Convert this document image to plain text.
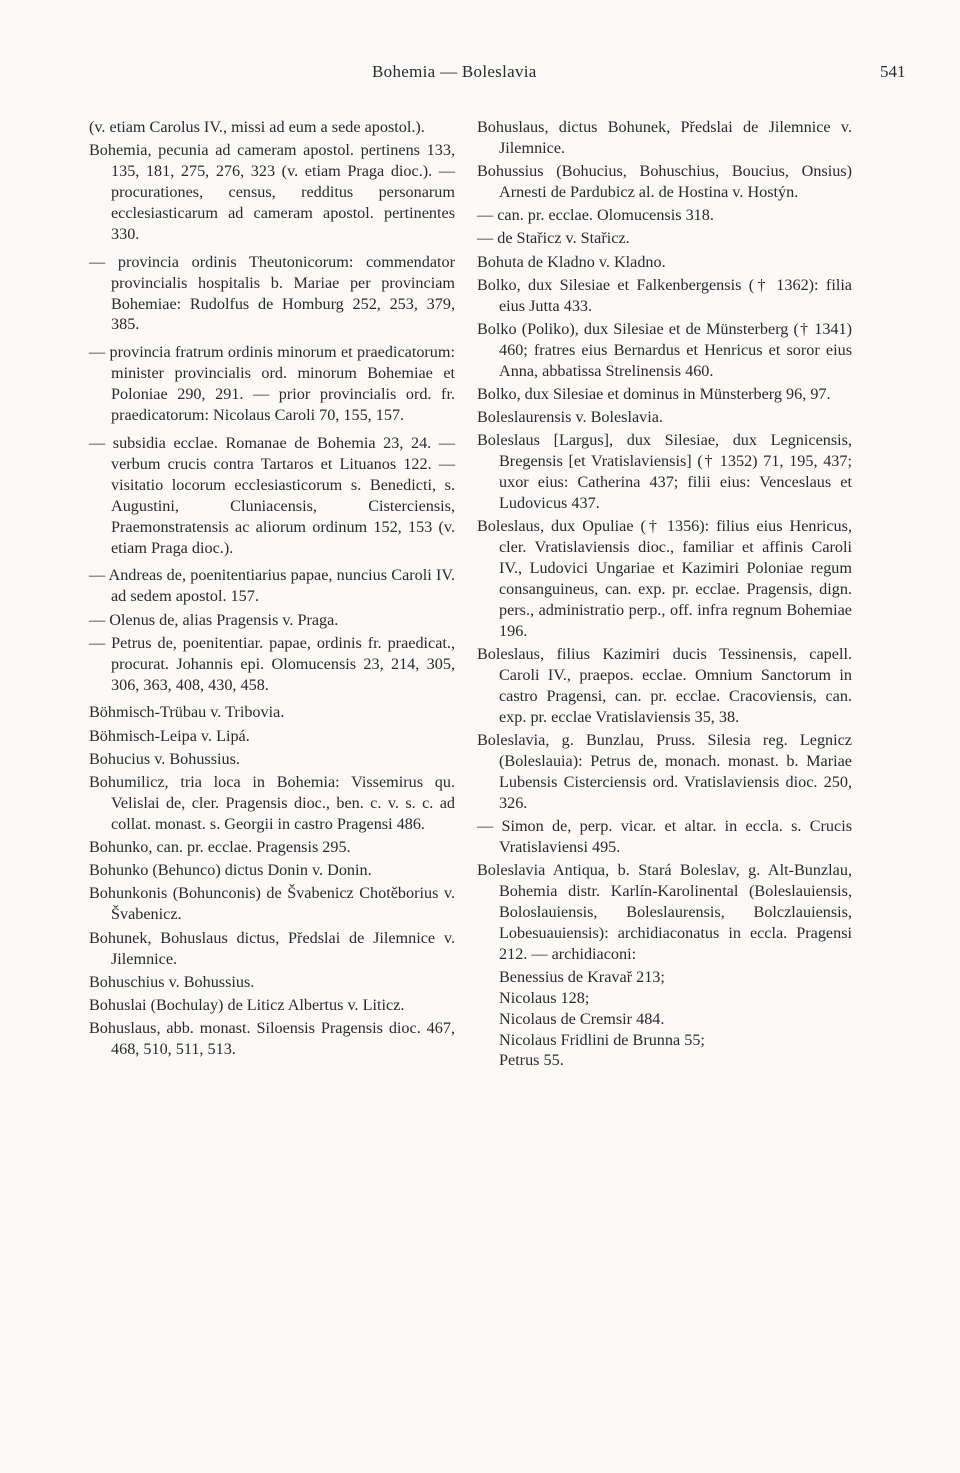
Bohemia — Boleslavia	541

(v. etiam Carolus IV., missi ad eum a sede apostol.).

Bohemia, pecunia ad cameram apostol. pertinens 133, 135, 181, 275, 276, 323 (v. etiam Praga dioc.). — procurationes, census, redditus personarum ecclesiasticarum ad cameram apostol. pertinentes 330.

— provincia ordinis Theutonicorum: commendator provincialis hospitalis b. Mariae per provinciam Bohemiae: Rudolfus de Homburg 252, 253, 379, 385.

— provincia fratrum ordinis minorum et praedicatorum: minister provincialis ord. minorum Bohemiae et Poloniae 290, 291. — prior provincialis ord. fr. praedicatorum: Nicolaus Caroli 70, 155, 157.

— subsidia ecclae. Romanae de Bohemia 23, 24. — verbum crucis contra Tartaros et Lituanos 122. — visitatio locorum ecclesiasticorum s. Benedicti, s. Augustini, Cluniacensis, Cisterciensis, Praemonstratensis ac aliorum ordinum 152, 153 (v. etiam Praga dioc.).

— Andreas de, poenitentiarius papae, nuncius Caroli IV. ad sedem apostol. 157.

— Olenus de, alias Pragensis v. Praga.

— Petrus de, poenitentiar. papae, ordinis fr. praedicat., procurat. Johannis epi. Olomucensis 23, 214, 305, 306, 363, 408, 430, 458.

Böhmisch-Trübau v. Tribovia.

Böhmisch-Leipa v. Lipá.

Bohucius v. Bohussius.

Bohumilicz, tria loca in Bohemia: Vissemirus qu. Velislai de, cler. Pragensis dioc., ben. c. v. s. c. ad collat. monast. s. Georgii in castro Pragensi 486.

Bohunko, can. pr. ecclae. Pragensis 295.

Bohunko (Behunco) dictus Donin v. Donin.

Bohunkonis (Bohunconis) de Švabenicz Chotěborius v. Švabenicz.

Bohunek, Bohuslaus dictus, Předslai de Jilemnice v. Jilemnice.

Bohuschius v. Bohussius.

Bohuslai (Bochulay) de Liticz Albertus v. Liticz.

Bohuslaus, abb. monast. Siloensis Pragensis dioc. 467, 468, 510, 511, 513.

Bohuslaus, dictus Bohunek, Předslai de Jilemnice v. Jilemnice.

Bohussius (Bohucius, Bohuschius, Boucius, Onsius) Arnesti de Pardubicz al. de Hostina v. Hostýn.

— can. pr. ecclae. Olomucensis 318.

— de Stařicz v. Stařicz.

Bohuta de Kladno v. Kladno.

Bolko, dux Silesiae et Falkenbergensis († 1362): filia eius Jutta 433.

Bolko (Poliko), dux Silesiae et de Münsterberg († 1341) 460; fratres eius Bernardus et Henricus et soror eius Anna, abbatissa Strelinensis 460.

Bolko, dux Silesiae et dominus in Münsterberg 96, 97.

Boleslaurensis v. Boleslavia.

Boleslaus [Largus], dux Silesiae, dux Legnicensis, Bregensis [et Vratislaviensis] († 1352) 71, 195, 437; uxor eius: Catherina 437; filii eius: Venceslaus et Ludovicus 437.

Boleslaus, dux Opuliae († 1356): filius eius Henricus, cler. Vratislaviensis dioc., familiar et affinis Caroli IV., Ludovici Ungariae et Kazimiri Poloniae regum consanguineus, can. exp. pr. ecclae. Pragensis, dign. pers., administratio perp., off. infra regnum Bohemiae 196.

Boleslaus, filius Kazimiri ducis Tessinensis, capell. Caroli IV., praepos. ecclae. Omnium Sanctorum in castro Pragensi, can. pr. ecclae. Cracoviensis, can. exp. pr. ecclae Vratislaviensis 35, 38.

Boleslavia, g. Bunzlau, Pruss. Silesia reg. Legnicz (Boleslauia): Petrus de, monach. monast. b. Mariae Lubensis Cisterciensis ord. Vratislaviensis dioc. 250, 326.

— Simon de, perp. vicar. et altar. in eccla. s. Crucis Vratislaviensi 495.

Boleslavia Antiqua, b. Stará Boleslav, g. Alt-Bunzlau, Bohemia distr. Karlín-Karolinental (Boleslauiensis, Boloslauiensis, Boleslaurensis, Bolczlauiensis, Lobesuauiensis): archidiaconatus in eccla. Pragensi 212. — archidiaconi:

Benessius de Kravař 213;
Nicolaus 128;
Nicolaus de Cremsir 484.
Nicolaus Fridlini de Brunna 55;
Petrus 55.
